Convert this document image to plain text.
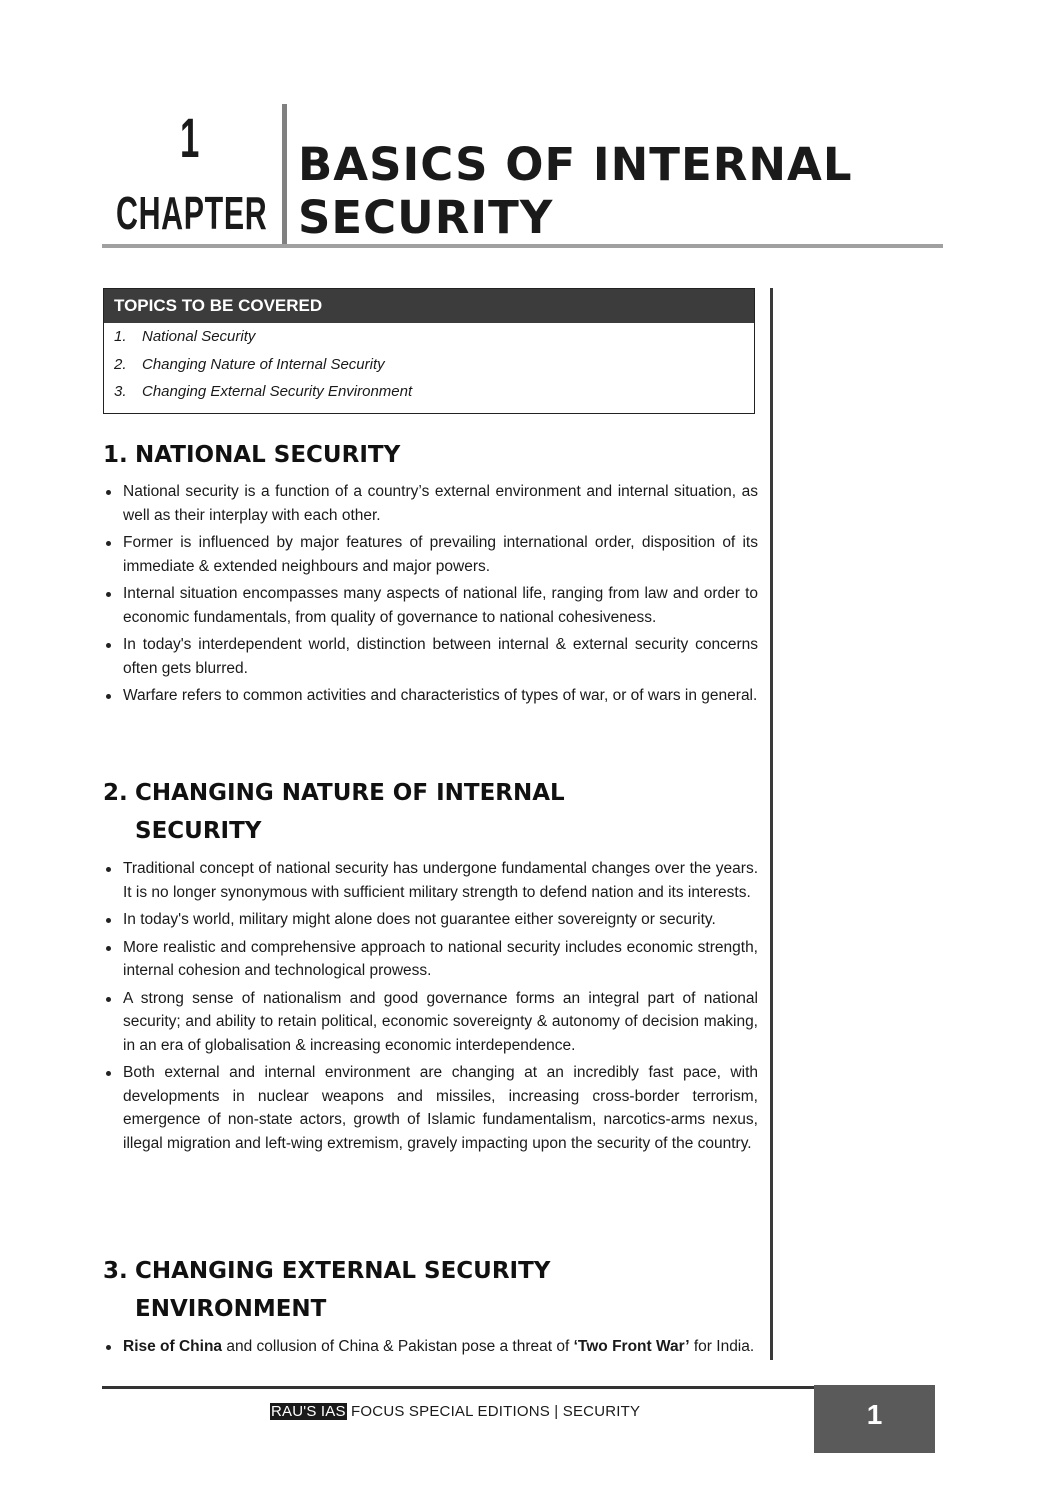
1
CHAPTER
BASICS OF INTERNAL
SECURITY
TOPICS TO BE COVERED
1. National Security
2. Changing Nature of Internal Security
3. Changing External Security Environment
1. NATIONAL SECURITY
National security is a function of a country’s external environment and internal situation, as well as their interplay with each other.
Former is influenced by major features of prevailing international order, disposition of its immediate & extended neighbours and major powers.
Internal situation encompasses many aspects of national life, ranging from law and order to economic fundamentals, from quality of governance to national cohesiveness.
In today's interdependent world, distinction between internal & external security concerns often gets blurred.
Warfare refers to common activities and characteristics of types of war, or of wars in general.
2. CHANGING NATURE OF INTERNAL
SECURITY
Traditional concept of national security has undergone fundamental changes over the years. It is no longer synonymous with sufficient military strength to defend nation and its interests.
In today's world, military might alone does not guarantee either sovereignty or security.
More realistic and comprehensive approach to national security includes economic strength, internal cohesion and technological prowess.
A strong sense of nationalism and good governance forms an integral part of national security; and ability to retain political, economic sovereignty & autonomy of decision making, in an era of globalisation & increasing economic interdependence.
Both external and internal environment are changing at an incredibly fast pace, with developments in nuclear weapons and missiles, increasing cross-border terrorism, emergence of non-state actors, growth of Islamic fundamentalism, narcotics-arms nexus, illegal migration and left-wing extremism, gravely impacting upon the security of the country.
3. CHANGING EXTERNAL SECURITY
ENVIRONMENT
Rise of China and collusion of China & Pakistan pose a threat of ‘Two Front War’ for India.
RAU'S IAS FOCUS SPECIAL EDITIONS | SECURITY	1
